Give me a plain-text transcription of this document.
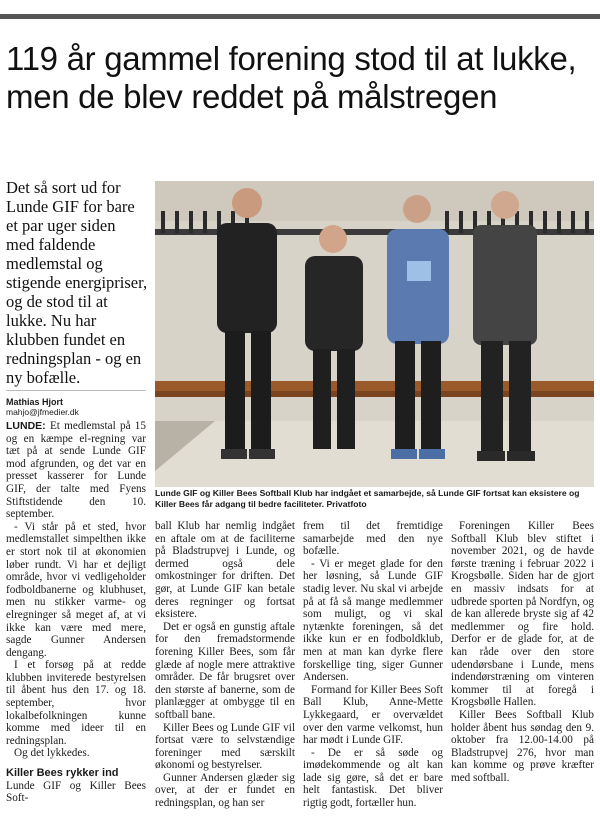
119 år gammel forening stod til at lukke, men de blev reddet på målstregen

Det så sort ud for Lunde GIF for bare et par uger siden med faldende medlemstal og stigende energipriser, og de stod til at lukke. Nu har klubben fundet en redningsplan - og en ny bofælle.

Mathias Hjort
mahjo@jfmedier.dk

Lunde GIF og Killer Bees Softball Klub har indgået et samarbejde, så Lunde GIF fortsat kan eksistere og Killer Bees får adgang til bedre faciliteter. Privatfoto

LUNDE: Et medlemstal på 15 og en kæmpe el-regning var tæt på at sende Lunde GIF mod afgrunden, og det var en presset kasserer for Lunde GIF, der talte med Fyens Stiftstidende den 10. september.

- Vi står på et sted, hvor medlemstallet simpelthen ikke er stort nok til at økonomien løber rundt. Vi har et dejligt område, hvor vi vedligeholder fodboldbanerne og klubhuset, men nu stikker varme- og elregninger så meget af, at vi ikke kan være med mere, sagde Gunner Andersen dengang.

I et forsøg på at redde klubben inviterede bestyrelsen til åbent hus den 17. og 18. september, hvor lokalbefolkningen kunne komme med ideer til en redningsplan.

Og det lykkedes.

Killer Bees rykker ind

Lunde GIF og Killer Bees Soft-

ball Klub har nemlig indgået en aftale om at de faciliterne på Bladstrupvej i Lunde, og dermed også dele omkostninger for driften. Det gør, at Lunde GIF kan betale deres regninger og fortsat eksistere.

Det er også en gunstig aftale for den fremadstormende forening Killer Bees, som får glæde af nogle mere attraktive områder. De får brugsret over den største af banerne, som de planlægger at ombygge til en softball bane.

Killer Bees og Lunde GIF vil fortsat være to selvstændige foreninger med særskilt økonomi og bestyrelser.

Gunner Andersen glæder sig over, at der er fundet en redningsplan, og han ser

frem til det fremtidige samarbejde med den nye bofælle.

- Vi er meget glade for den her løsning, så Lunde GIF stadig lever. Nu skal vi arbejde på at få så mange medlemmer som muligt, og vi skal nytænkte foreningen, så det ikke kun er en fodboldklub, men at man kan dyrke flere forskellige ting, siger Gunner Andersen.

Formand for Killer Bees Soft Ball Klub, Anne-Mette Lykkegaard, er overvældet over den varme velkomst, hun har mødt i Lunde GIF.

- De er så søde og imødekommende og alt kan lade sig gøre, så det er bare helt fantastisk. Det bliver rigtig godt, fortæller hun.

Foreningen Killer Bees Softball Klub blev stiftet i november 2021, og de havde første træning i februar 2022 i Krogsbølle. Siden har de gjort en massiv indsats for at udbrede sporten på Nordfyn, og de kan allerede bryste sig af 42 medlemmer og fire hold. Derfor er de glade for, at de kan råde over den store udendørsbane i Lunde, mens indendørstræning om vinteren kommer til at foregå i Krogsbølle Hallen.

Killer Bees Softball Klub holder åbent hus søndag den 9. oktober fra 12.00-14.00 på Bladstrupvej 276, hvor man kan komme og prøve kræfter med softball.
